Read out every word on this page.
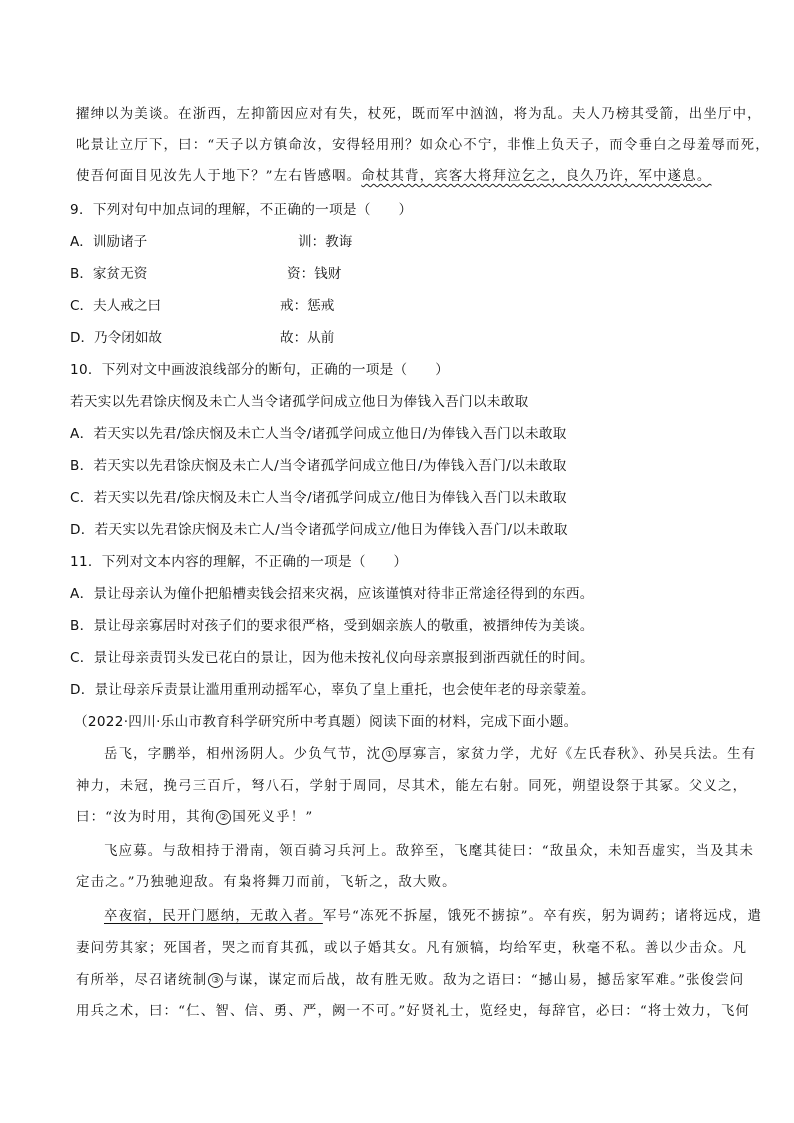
擢绅以为美谈。在浙西，左抑箭因应对有失，杖死，既而军中汹汹，将为乱。夫人乃榜其受箭，出坐厅中，
叱景让立厅下，曰：“天子以方镇命汝，安得轻用刑？如众心不宁，非惟上负天子，而令垂白之母羞辱而死，
使吾何面目见汝先人于地下？”左右皆感咽。命杖其背，宾客大将拜泣乞之，良久乃许，军中遂息。
9．下列对句中加点词的理解，不正确的一项是（　　）
A．训励诸子	训：教诲
B．家贫无资	资：钱财
C．夫人戒之曰	戒：惩戒
D．乃令闭如故	故：从前
10．下列对文中画波浪线部分的断句，正确的一项是（　　）
若天实以先君馀庆悯及未亡人当令诸孤学问成立他日为俸钱入吾门以未敢取
A．若天实以先君/馀庆悯及未亡人当令/诸孤学问成立他日/为俸钱入吾门以未敢取
B．若天实以先君馀庆悯及未亡人/当令诸孤学问成立他日/为俸钱入吾门/以未敢取
C．若天实以先君/馀庆悯及未亡人当令/诸孤学问成立/他日为俸钱入吾门以未敢取
D．若天实以先君馀庆悯及未亡人/当令诸孤学问成立/他日为俸钱入吾门/以未敢取
11．下列对文本内容的理解，不正确的一项是（　　）
A．景让母亲认为僮仆把船槽卖钱会招来灾祸，应该谨慎对待非正常途径得到的东西。
B．景让母亲寡居时对孩子们的要求很严格，受到姻亲族人的敬重，被搢绅传为美谈。
C．景让母亲责罚头发已花白的景让，因为他未按礼仪向母亲禀报到浙西就任的时间。
D．景让母亲斥责景让滥用重刑动摇军心，辜负了皇上重托，也会使年老的母亲蒙羞。
（2022·四川·乐山市教育科学研究所中考真题）阅读下面的材料，完成下面小题。
岳飞，字鹏举，相州汤阴人。少负气节，沈 ① 厚寡言，家贫力学，尤好《左氏春秋》、孙吴兵法。生有
神力，未冠，挽弓三百斤，弩八石，学射于周同，尽其术，能左右射。同死，朔望设祭于其冢。父义之，
曰：“汝为时用，其徇 ② 国死义乎！”
飞应募。与敌相持于滑南，领百骑习兵河上。敌猝至，飞麾其徒曰：“敌虽众，未知吾虚实，当及其未
定击之。”乃独驰迎敌。有枭将舞刀而前，飞斩之，敌大败。
卒夜宿，民开门愿纳，无敢入者。军号“冻死不拆屋，饿死不掳掠”。卒有疾，躬为调药；诸将远戍，遣
妻问劳其家；死国者，哭之而育其孤，或以子婚其女。凡有颁犒，均给军吏，秋毫不私。善以少击众。凡
有所举，尽召诸统制 ③ 与谋，谋定而后战，故有胜无败。敌为之语曰：“撼山易，撼岳家军难。”张俊尝问
用兵之术，曰：“仁、智、信、勇、严，阙一不可。”好贤礼士，览经史，每辞官，必曰：“将士效力，飞何
